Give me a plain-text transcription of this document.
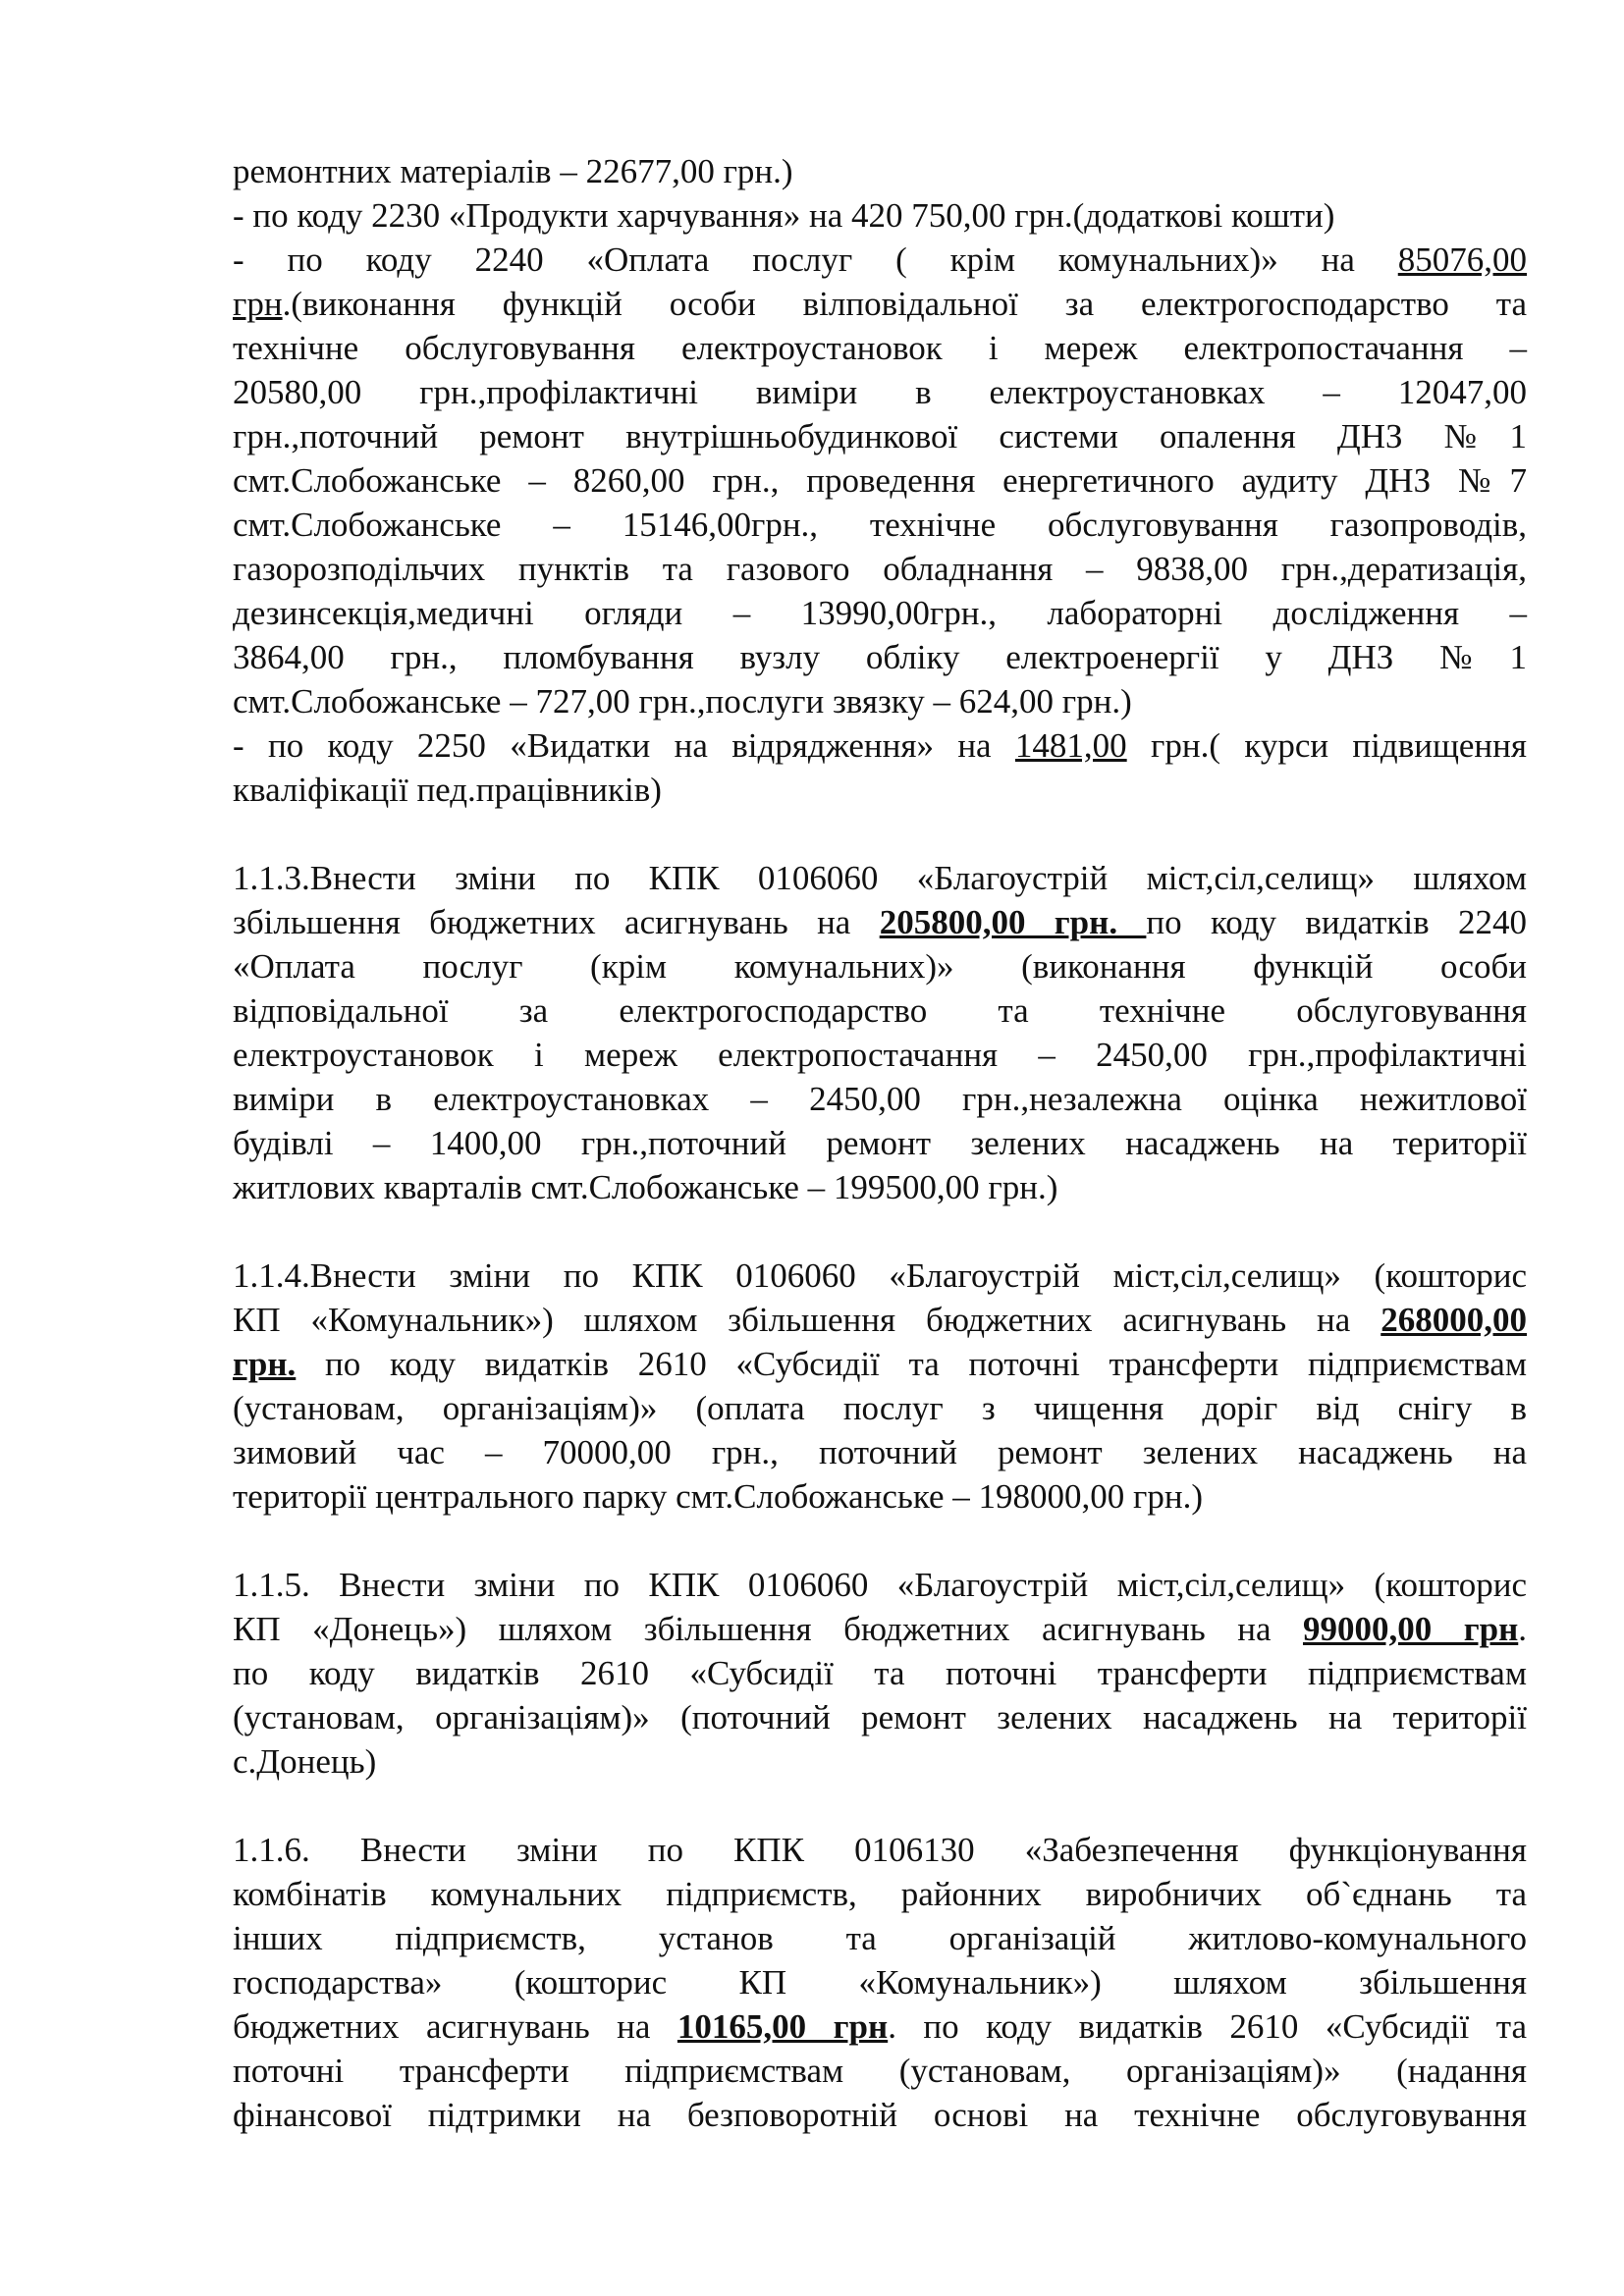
ремонтних матеріалів – 22677,00 грн.)
- по коду 2230 «Продукти харчування» на 420 750,00 грн.(додаткові кошти)
- по коду 2240 «Оплата послуг ( крім комунальних)» на 85076,00
грн.(виконання функцій особи вілповідальної за електрогосподарство та
технічне обслуговування електроустановок і мереж електропостачання –
20580,00 грн.,профілактичні виміри в електроустановках – 12047,00
грн.,поточний ремонт внутрішньобудинкової системи опалення ДНЗ №1
смт.Слобожанське – 8260,00 грн., проведення енергетичного аудиту ДНЗ №7
смт.Слобожанське – 15146,00грн., технічне обслуговування газопроводів,
газорозподільчих пунктів та газового обладнання – 9838,00 грн.,дератизація,
дезинсекція,медичні огляди – 13990,00грн., лабораторні дослідження –
3864,00 грн., пломбування вузлу обліку електроенергії у ДНЗ №1
смт.Слобожанське – 727,00 грн.,послуги звязку – 624,00 грн.)
- по коду 2250 «Видатки на відрядження» на 1481,00 грн.( курси підвищення
кваліфікації пед.працівників)
1.1.3.Внести зміни по КПК 0106060 «Благоустрій міст,сіл,селищ» шляхом
збільшення бюджетних асигнувань на 205800,00 грн. по коду видатків 2240
«Оплата послуг (крім комунальних)» (виконання функцій особи
відповідальної за електрогосподарство та технічне обслуговування
електроустановок і мереж електропостачання – 2450,00 грн.,профілактичні
виміри в електроустановках – 2450,00 грн.,незалежна оцінка нежитлової
будівлі – 1400,00 грн.,поточний ремонт зелених насаджень на території
житлових кварталів смт.Слобожанське – 199500,00 грн.)
1.1.4.Внести зміни по КПК 0106060 «Благоустрій міст,сіл,селищ» (кошторис
КП «Комунальник») шляхом збільшення бюджетних асигнувань на 268000,00
грн. по коду видатків 2610 «Субсидії та поточні трансферти підприємствам
(установам, організаціям)» (оплата послуг з чищення доріг від снігу в
зимовий час – 70000,00 грн., поточний ремонт зелених насаджень на
території центрального парку смт.Слобожанське – 198000,00 грн.)
1.1.5. Внести зміни по КПК 0106060 «Благоустрій міст,сіл,селищ» (кошторис
КП «Донець») шляхом збільшення бюджетних асигнувань на 99000,00 грн.
по коду видатків 2610 «Субсидії та поточні трансферти підприємствам
(установам, організаціям)» (поточний ремонт зелених насаджень на території
с.Донець)
1.1.6. Внести зміни по КПК 0106130 «Забезпечення функціонування
комбінатів комунальних підприємств, районних виробничих об`єднань та
інших підприємств, установ та організацій житлово-комунального
господарства» (кошторис КП «Комунальник») шляхом збільшення
бюджетних асигнувань на 10165,00 грн. по коду видатків 2610 «Субсидії та
поточні трансферти підприємствам (установам, організаціям)» (надання
фінансової підтримки на безповоротній основі на технічне обслуговування
